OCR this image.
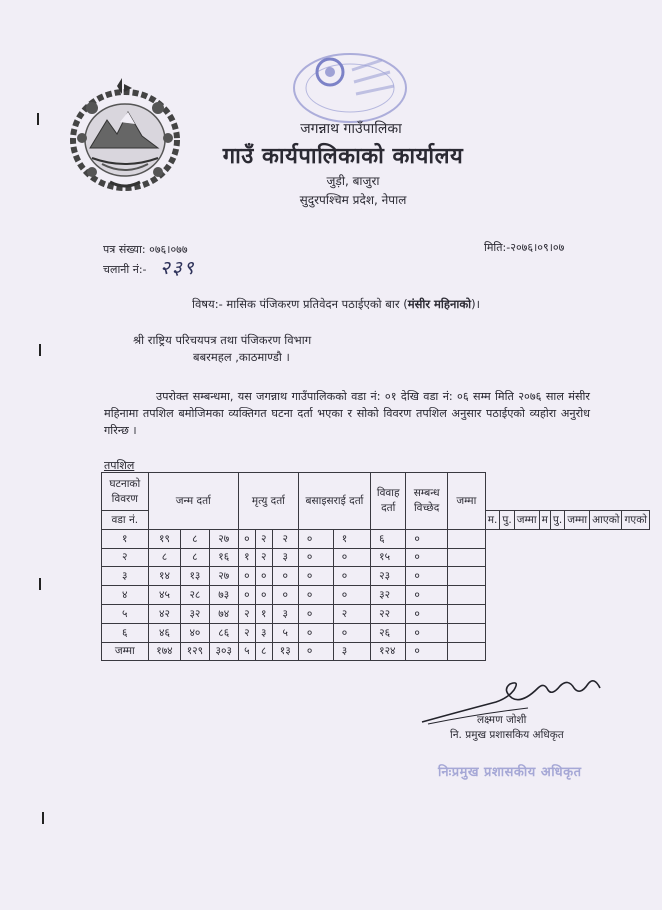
जगन्नाथ गाउँपालिका
गाउँ कार्यपालिकाको कार्यालय
जुड़ी, बाजुरा
सुदुरपश्चिम प्रदेश, नेपाल
पत्र संख्या: ०७६।०७७	मिति:-२०७६।०९।०७
चलानी नं:- २३९
विषय:- मासिक पंजिकरण प्रतिवेदन पठाईएको बार (मंसीर महिनाको)।
श्री राष्ट्रिय परिचयपत्र तथा पंजिकरण विभाग
बबरमहल ,काठमाण्डौ ।
उपरोक्त सम्बन्धमा, यस जगन्नाथ गाउँपालिकको वडा नं: ०१ देखि वडा नं: ०६ सम्म मिति २०७६ साल मंसीर महिनामा तपशिल बमोजिमका व्यक्तिगत घटना दर्ता भएका र सोको विवरण तपशिल अनुसार पठाईएको व्यहोरा अनुरोध गरिन्छ ।
तपशिल
घटनाको विवरण	जन्म दर्ता			मृत्यु दर्ता			बसाइसराई दर्ता		विवाह दर्ता	सम्बन्ध विच्छेद	जम्मा								
वडा नं.												म.	पु.	जम्मा	म	पु.	जम्मा	आएको	गएको
१	१९	८	२७	०	२	२	०	१	६	०									
२	८	८	१६	१	२	३	०	०	१५	०									
३	१४	१३	२७	०	०	०	०	०	२३	०									
४	४५	२८	७३	०	०	०	०	०	३२	०									
५	४२	३२	७४	२	१	३	०	२	२२	०									
६	४६	४०	८६	२	३	५	०	०	२६	०									
जम्मा	१७४	१२९	३०३	५	८	१३	०	३	१२४	०									
लक्ष्मण जोशी
नि. प्रमुख प्रशासकिय अधिकृत
निःप्रमुख प्रशासकीय अधिकृत
